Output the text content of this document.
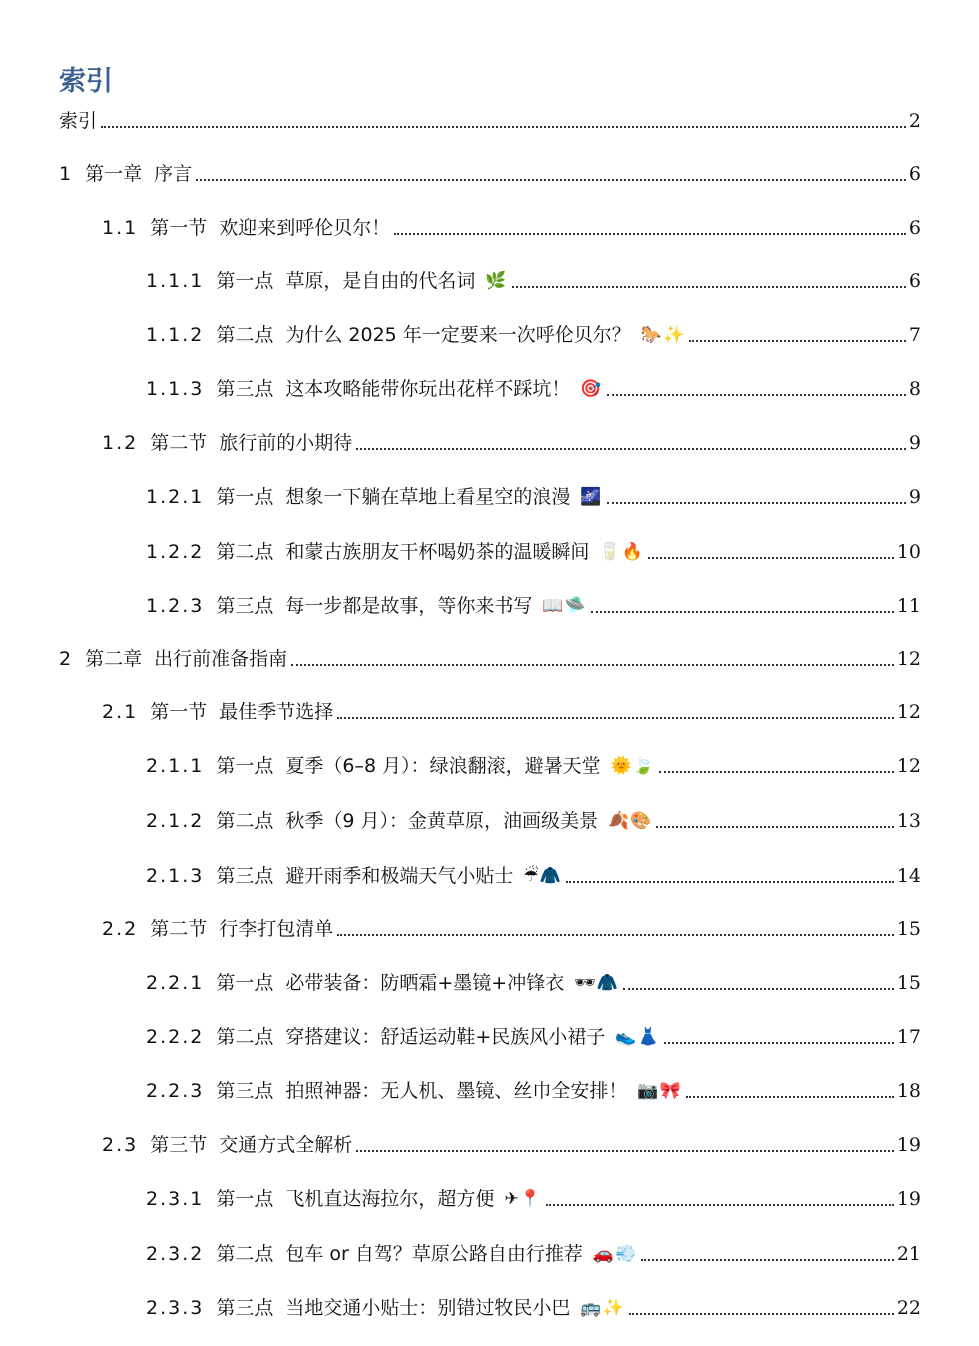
索引
索引	2
1 第一章 序言	6
1.1 第一节 欢迎来到呼伦贝尔！	6
1.1.1 第一点 草原，是自由的代名词 🌿	6
1.1.2 第二点 为什么 2025 年一定要来一次呼伦贝尔？ 🐎✨	7
1.1.3 第三点 这本攻略能带你玩出花样不踩坑！ 🎯	8
1.2 第二节 旅行前的小期待	9
1.2.1 第一点 想象一下躺在草地上看星空的浪漫 🌌	9
1.2.2 第二点 和蒙古族朋友干杯喝奶茶的温暖瞬间 🥛🔥	10
1.2.3 第三点 每一步都是故事，等你来书写 📖🛸	11
2 第二章 出行前准备指南	12
2.1 第一节 最佳季节选择	12
2.1.1 第一点 夏季（6–8 月）：绿浪翻滚，避暑天堂 🌞🍃	12
2.1.2 第二点 秋季（9 月）：金黄草原，油画级美景 🍂🎨	13
2.1.3 第三点 避开雨季和极端天气小贴士 ☔🧥	14
2.2 第二节 行李打包清单	15
2.2.1 第一点 必带装备：防晒霜+墨镜+冲锋衣 🕶🧥	15
2.2.2 第二点 穿搭建议：舒适运动鞋+民族风小裙子 👟👗	17
2.2.3 第三点 拍照神器：无人机、墨镜、丝巾全安排！ 📷🎀	18
2.3 第三节 交通方式全解析	19
2.3.1 第一点 飞机直达海拉尔，超方便 ✈📍	19
2.3.2 第二点 包车 or 自驾？草原公路自由行推荐 🚗💨	21
2.3.3 第三点 当地交通小贴士：别错过牧民小巴 🚌✨	22
